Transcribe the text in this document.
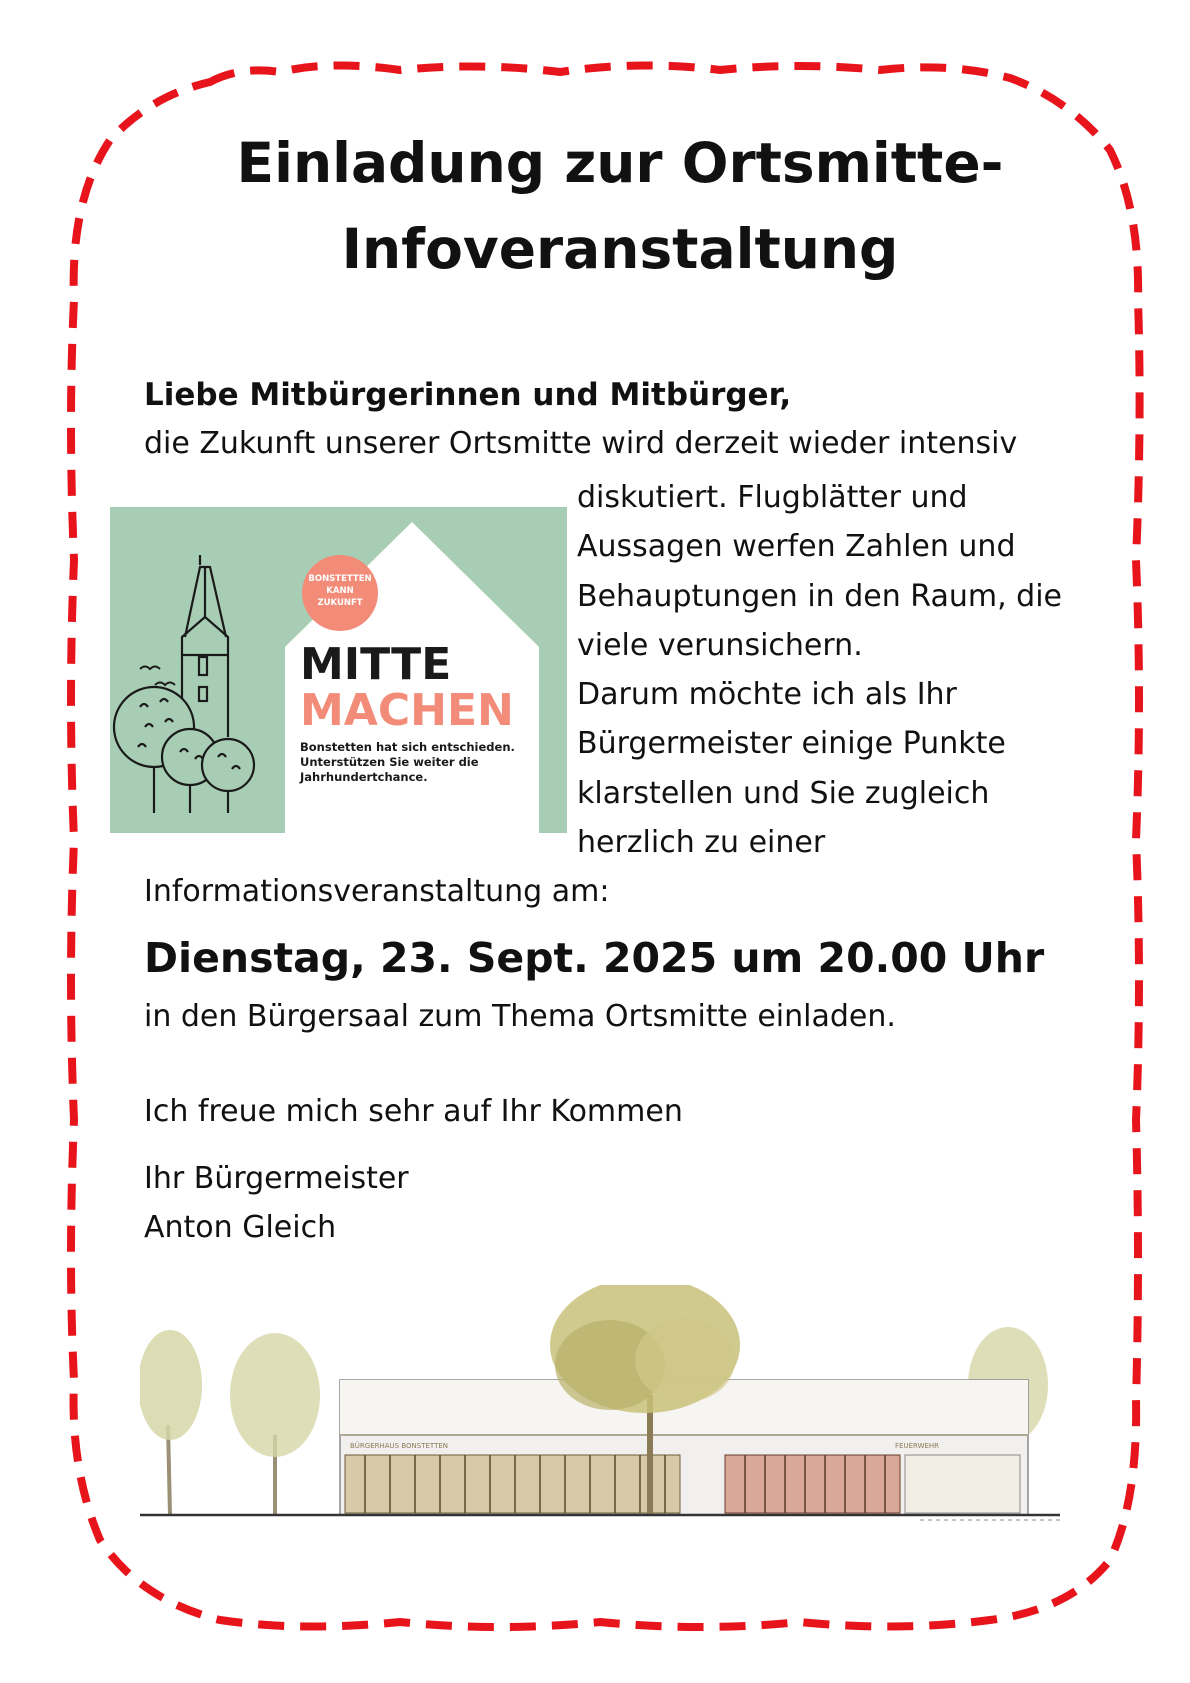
Einladung zur Ortsmitte-
Infoveranstaltung
Liebe Mitbürgerinnen und Mitbürger,
die Zukunft unserer Ortsmitte wird derzeit wieder intensiv
BONSTETTEN
KANN
ZUKUNFT
MITTE
MACHEN
Bonstetten hat sich entschieden.
Unterstützen Sie weiter die
Jahrhundertchance.
diskutiert. Flugblätter und
Aussagen werfen Zahlen und
Behauptungen in den Raum, die
viele verunsichern.
Darum möchte ich als Ihr
Bürgermeister einige Punkte
klarstellen und Sie zugleich
herzlich zu einer
Informationsveranstaltung am:
Dienstag, 23. Sept. 2025 um 20.00 Uhr
in den Bürgersaal zum Thema Ortsmitte einladen.
Ich freue mich sehr auf Ihr Kommen
Ihr Bürgermeister
Anton Gleich
BÜRGERHAUS BONSTETTEN	FEUERWEHR
